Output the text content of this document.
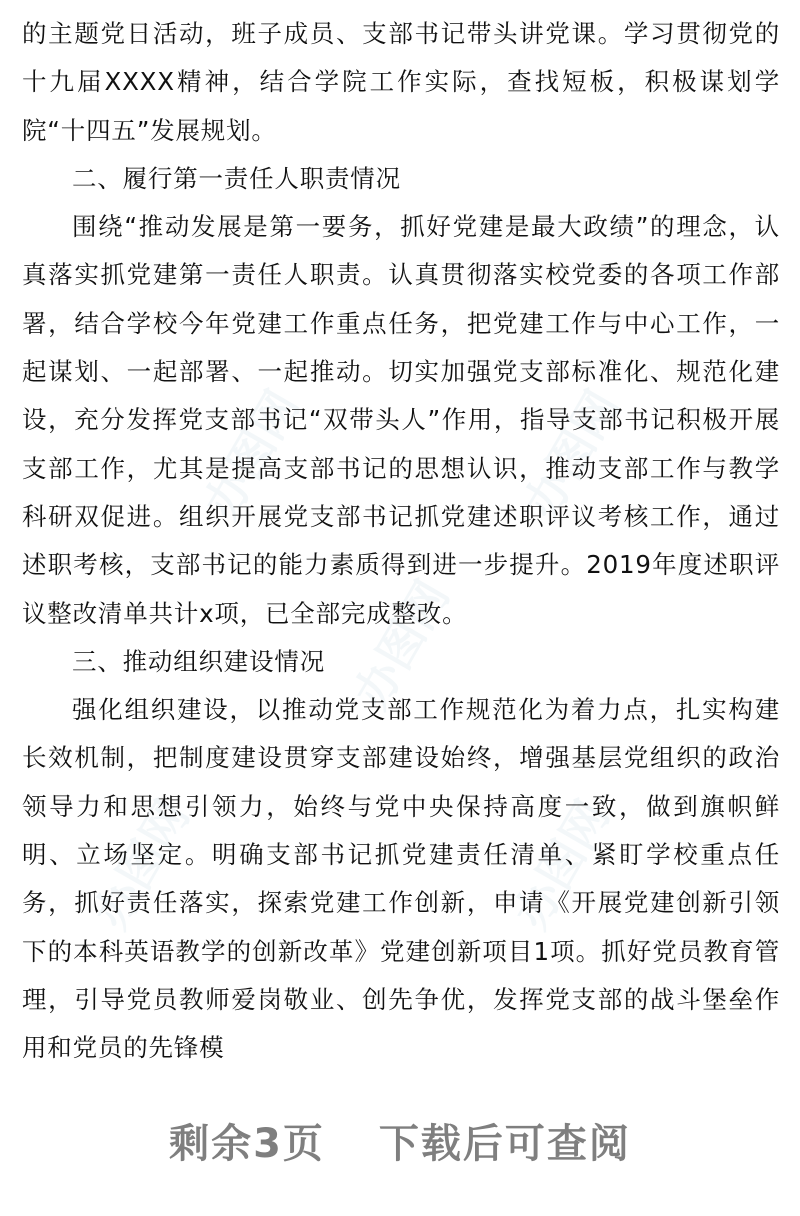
办图网	办图网
办图网
办图网	办图网

的主题党日活动，班子成员、支部书记带头讲党课。学习贯彻党的十九届XXXX精神，结合学院工作实际，查找短板，积极谋划学院“十四五”发展规划。

二、履行第一责任人职责情况

围绕“推动发展是第一要务，抓好党建是最大政绩”的理念，认真落实抓党建第一责任人职责。认真贯彻落实校党委的各项工作部署，结合学校今年党建工作重点任务，把党建工作与中心工作，一起谋划、一起部署、一起推动。切实加强党支部标准化、规范化建设，充分发挥党支部书记“双带头人”作用，指导支部书记积极开展支部工作，尤其是提高支部书记的思想认识，推动支部工作与教学科研双促进。组织开展党支部书记抓党建述职评议考核工作，通过述职考核，支部书记的能力素质得到进一步提升。2019年度述职评议整改清单共计x项，已全部完成整改。

三、推动组织建设情况

强化组织建设，以推动党支部工作规范化为着力点，扎实构建长效机制，把制度建设贯穿支部建设始终，增强基层党组织的政治领导力和思想引领力，始终与党中央保持高度一致，做到旗帜鲜明、立场坚定。明确支部书记抓党建责任清单、紧盯学校重点任务，抓好责任落实，探索党建工作创新，申请《开展党建创新引领下的本科英语教学的创新改革》党建创新项目1项。抓好党员教育管理，引导党员教师爱岗敬业、创先争优，发挥党支部的战斗堡垒作用和党员的先锋模

剩余3页 下载后可查阅
